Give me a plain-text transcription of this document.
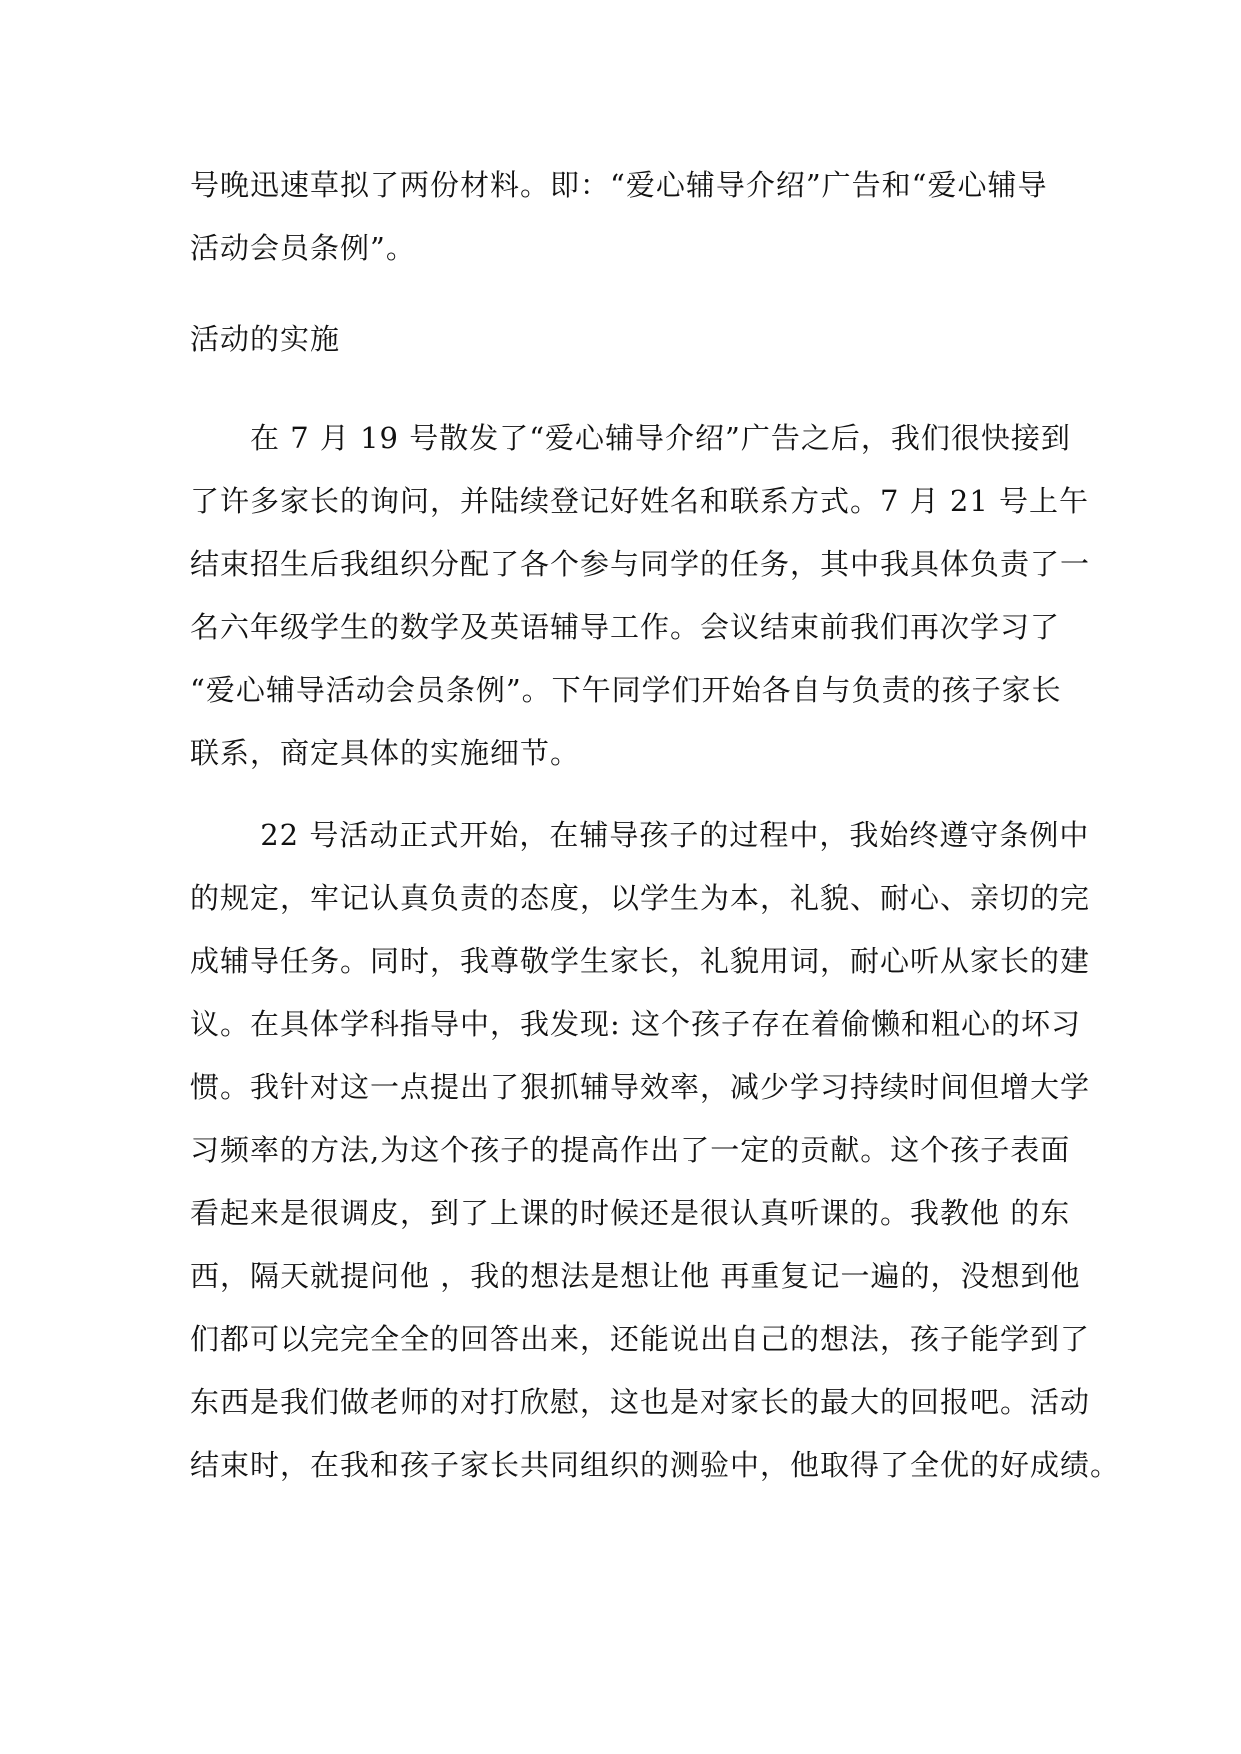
号晚迅速草拟了两份材料。即：“爱心辅导介绍”广告和“爱心辅导
活动会员条例”。
活动的实施
　　在 7 月 19 号散发了“爱心辅导介绍”广告之后，我们很快接到
了许多家长的询问，并陆续登记好姓名和联系方式。7 月 21 号上午
结束招生后我组织分配了各个参与同学的任务，其中我具体负责了一
名六年级学生的数学及英语辅导工作。会议结束前我们再次学习了
“爱心辅导活动会员条例”。下午同学们开始各自与负责的孩子家长
联系，商定具体的实施细节。
　　 22 号活动正式开始，在辅导孩子的过程中，我始终遵守条例中
的规定，牢记认真负责的态度，以学生为本，礼貌、耐心、亲切的完
成辅导任务。同时，我尊敬学生家长，礼貌用词，耐心听从家长的建
议。在具体学科指导中，我发现: 这个孩子存在着偷懒和粗心的坏习
惯。我针对这一点提出了狠抓辅导效率，减少学习持续时间但增大学
习频率的方法,为这个孩子的提高作出了一定的贡献。这个孩子表面
看起来是很调皮，到了上课的时候还是很认真听课的。我教他 的东
西，隔天就提问他 ，我的想法是想让他 再重复记一遍的，没想到他
们都可以完完全全的回答出来，还能说出自己的想法，孩子能学到了
东西是我们做老师的对打欣慰，这也是对家长的最大的回报吧。活动
结束时，在我和孩子家长共同组织的测验中，他取得了全优的好成绩。
